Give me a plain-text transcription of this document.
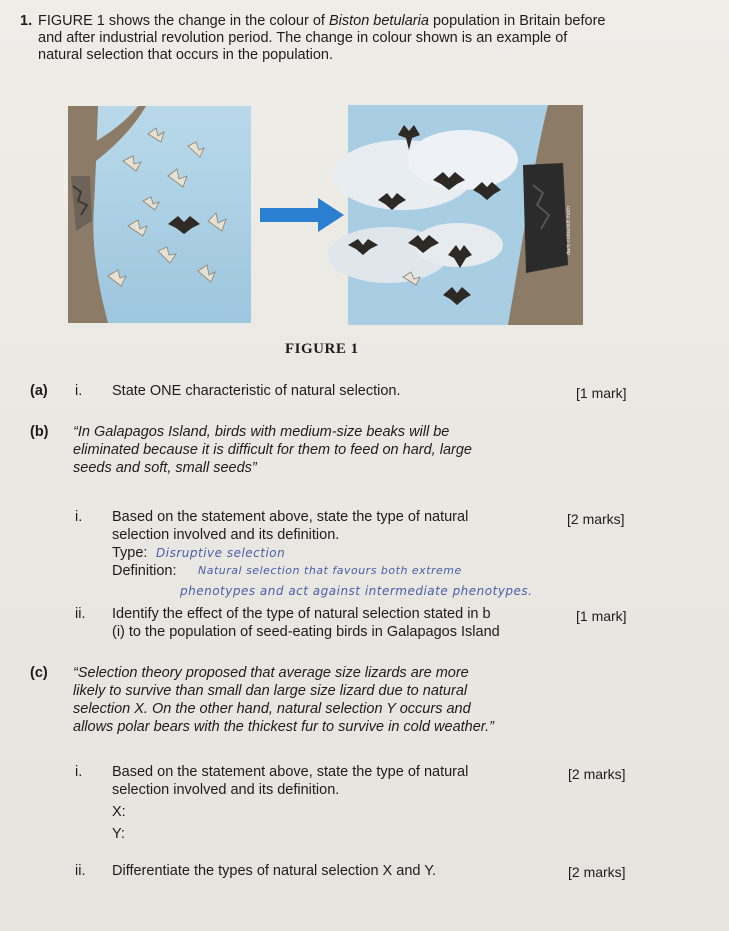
1. FIGURE 1 shows the change in the colour of Biston betularia population in Britain before
and after industrial revolution period. The change in colour shown is an example of
natural selection that occurs in the population.
light-coloured moth
dark-coloured moth
FIGURE 1
(a) i. State ONE characteristic of natural selection.	[1 mark]
(b) “In Galapagos Island, birds with medium-size beaks will be
eliminated because it is difficult for them to feed on hard, large
seeds and soft, small seeds”
i. Based on the statement above, state the type of natural
selection involved and its definition.
[2 marks]
Type: Disruptive selection
Definition: Natural selection that favours both extreme
phenotypes and act against intermediate phenotypes.
ii. Identify the effect of the type of natural selection stated in b
(i) to the population of seed-eating birds in Galapagos Island
[1 mark]
(c) “Selection theory proposed that average size lizards are more
likely to survive than small dan large size lizard due to natural
selection X. On the other hand, natural selection Y occurs and
allows polar bears with the thickest fur to survive in cold weather.”
i. Based on the statement above, state the type of natural
selection involved and its definition.
[2 marks]
X:
Y:
ii. Differentiate the types of natural selection X and Y.	[2 marks]
